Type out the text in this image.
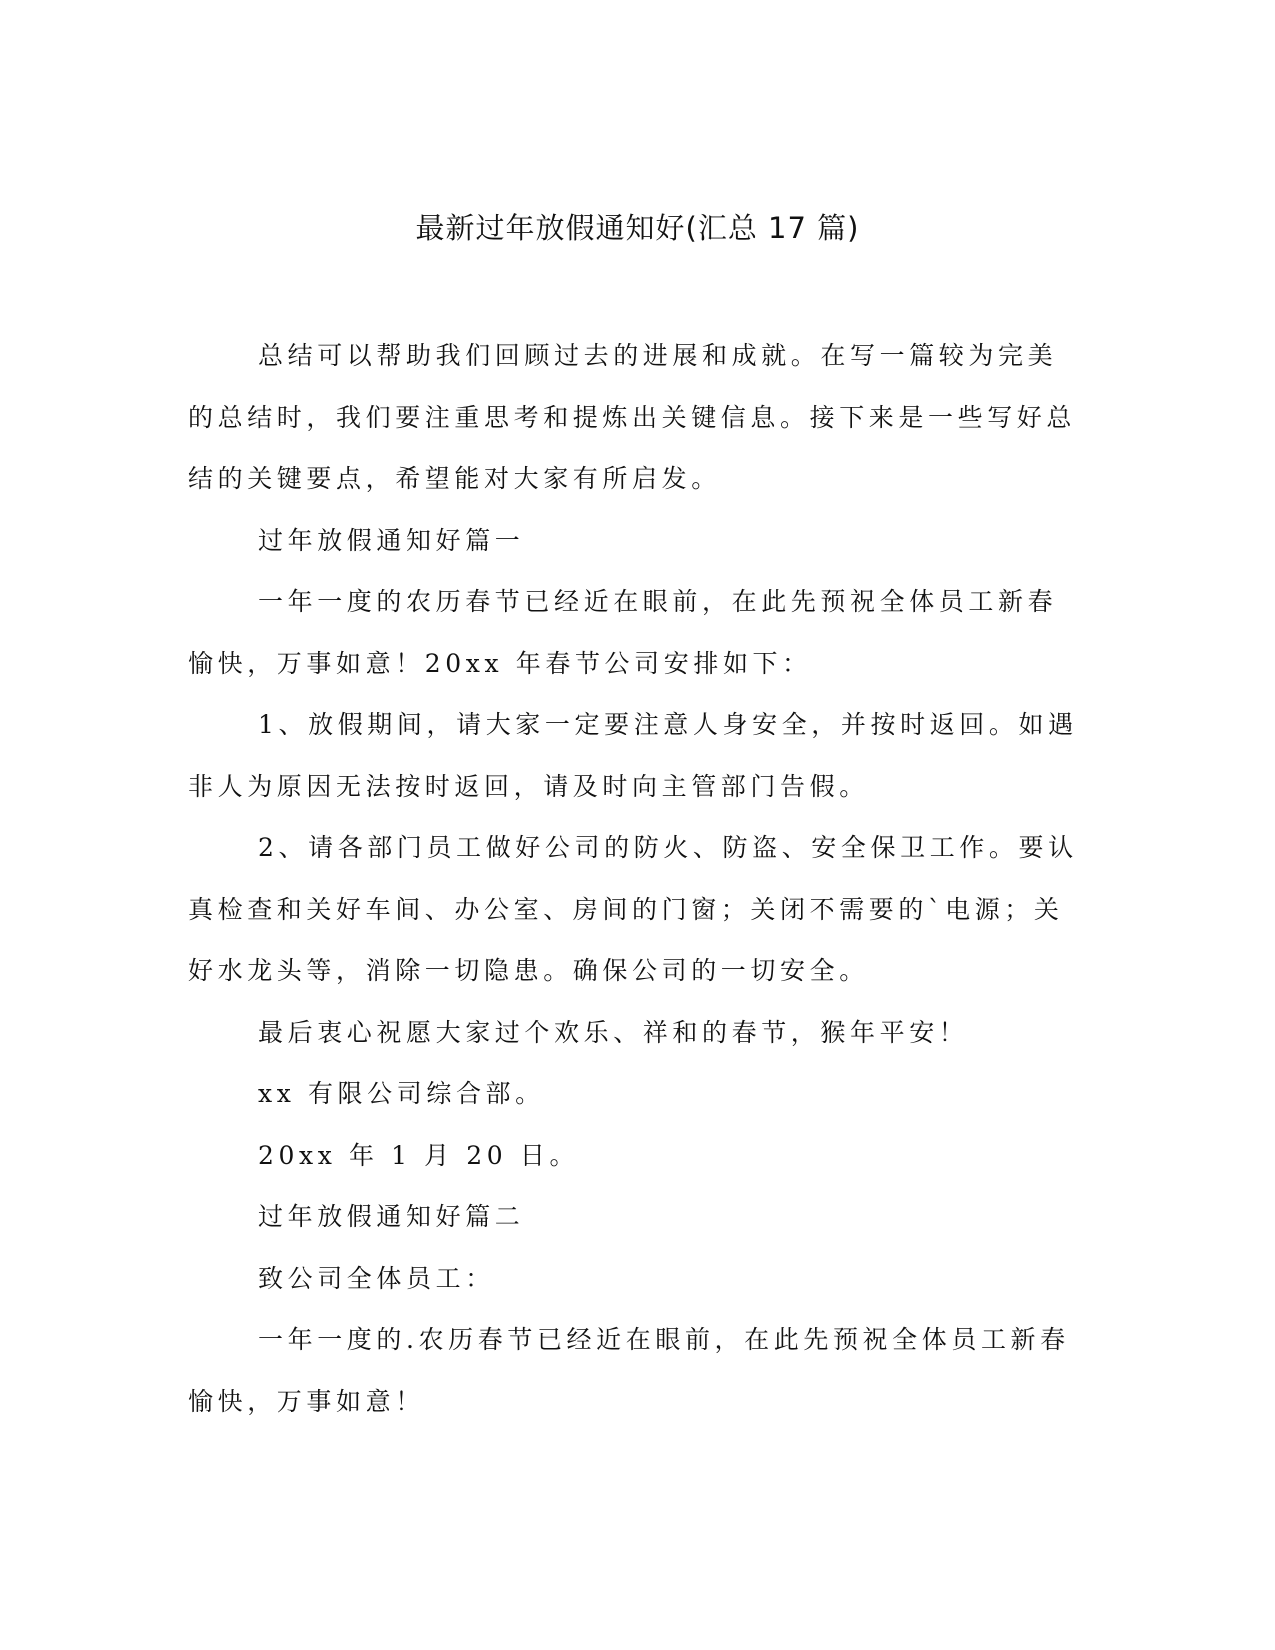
最新过年放假通知好(汇总 17 篇)

总结可以帮助我们回顾过去的进展和成就。在写一篇较为完美的总结时，我们要注重思考和提炼出关键信息。接下来是一些写好总结的关键要点，希望能对大家有所启发。

过年放假通知好篇一

一年一度的农历春节已经近在眼前，在此先预祝全体员工新春愉快，万事如意！20xx 年春节公司安排如下：

1、放假期间，请大家一定要注意人身安全，并按时返回。如遇非人为原因无法按时返回，请及时向主管部门告假。

2、请各部门员工做好公司的防火、防盗、安全保卫工作。要认真检查和关好车间、办公室、房间的门窗；关闭不需要的`电源；关好水龙头等，消除一切隐患。确保公司的一切安全。

最后衷心祝愿大家过个欢乐、祥和的春节，猴年平安！

xx 有限公司综合部。

20xx 年 1 月 20 日。

过年放假通知好篇二

致公司全体员工：

一年一度的.农历春节已经近在眼前，在此先预祝全体员工新春愉快，万事如意！
